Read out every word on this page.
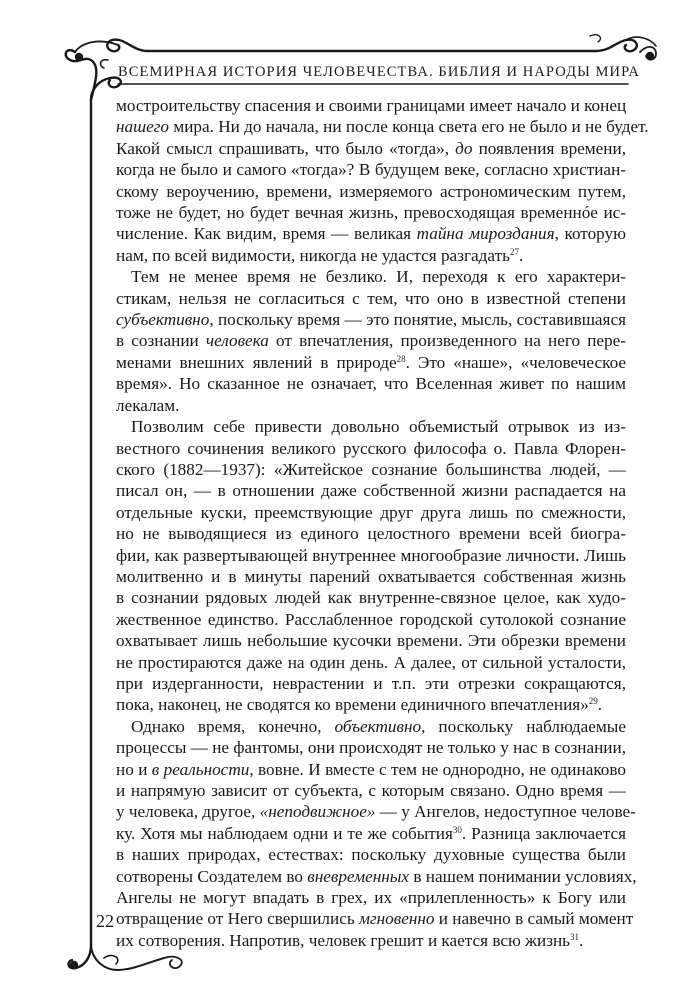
ВСЕМИРНАЯ ИСТОРИЯ ЧЕЛОВЕЧЕСТВА. БИБЛИЯ И НАРОДЫ МИРА

мостроительству спасения и своими границами имеет начало и конец
нашего мира. Ни до начала, ни после конца света его не было и не будет.
Какой смысл спрашивать, что было «тогда», до появления времени,
когда не было и самого «тогда»? В будущем веке, согласно христиан-
скому вероучению, времени, измеряемого астрономическим путем,
тоже не будет, но будет вечная жизнь, превосходящая временнóе ис-
числение. Как видим, время — великая тайна мироздания, которую
нам, по всей видимости, никогда не удастся разгадать$^{27}$.

Тем не менее время не безлико. И, переходя к его характери-
стикам, нельзя не согласиться с тем, что оно в известной степени
субъективно, поскольку время — это понятие, мысль, составившаяся
в сознании человека от впечатления, произведенного на него пере-
менами внешних явлений в природе$^{28}$. Это «наше», «человеческое
время». Но сказанное не означает, что Вселенная живет по нашим
лекалам.

Позволим себе привести довольно объемистый отрывок из из-
вестного сочинения великого русского философа о. Павла Флорен-
ского (1882—1937): «Житейское сознание большинства людей, —
писал он, — в отношении даже собственной жизни распадается на
отдельные куски, преемствующие друг друга лишь по смежности,
но не выводящиеся из единого целостного времени всей биогра-
фии, как развертывающей внутреннее многообразие личности. Лишь
молитвенно и в минуты парений охватывается собственная жизнь
в сознании рядовых людей как внутренне-связное целое, как худо-
жественное единство. Расслабленное городской сутолокой сознание
охватывает лишь небольшие кусочки времени. Эти обрезки времени
не простираются даже на один день. А далее, от сильной усталости,
при издерганности, неврастении и т.п. эти отрезки сокращаются,
пока, наконец, не сводятся ко времени единичного впечатления»$^{29}$.

Однако время, конечно, объективно, поскольку наблюдаемые
процессы — не фантомы, они происходят не только у нас в сознании,
но и в реальности, вовне. И вместе с тем не однородно, не одинаково
и напрямую зависит от субъекта, с которым связано. Одно время —
у человека, другое, «неподвижное» — у Ангелов, недоступное челове-
ку. Хотя мы наблюдаем одни и те же события$^{30}$. Разница заключается
в наших природах, естествах: поскольку духовные существа были
сотворены Создателем во вневременных в нашем понимании условиях,
Ангелы не могут впадать в грех, их «прилепленность» к Богу или
отвращение от Него свершились мгновенно и навечно в самый момент
их сотворения. Напротив, человек грешит и кается всю жизнь$^{31}$.

22
